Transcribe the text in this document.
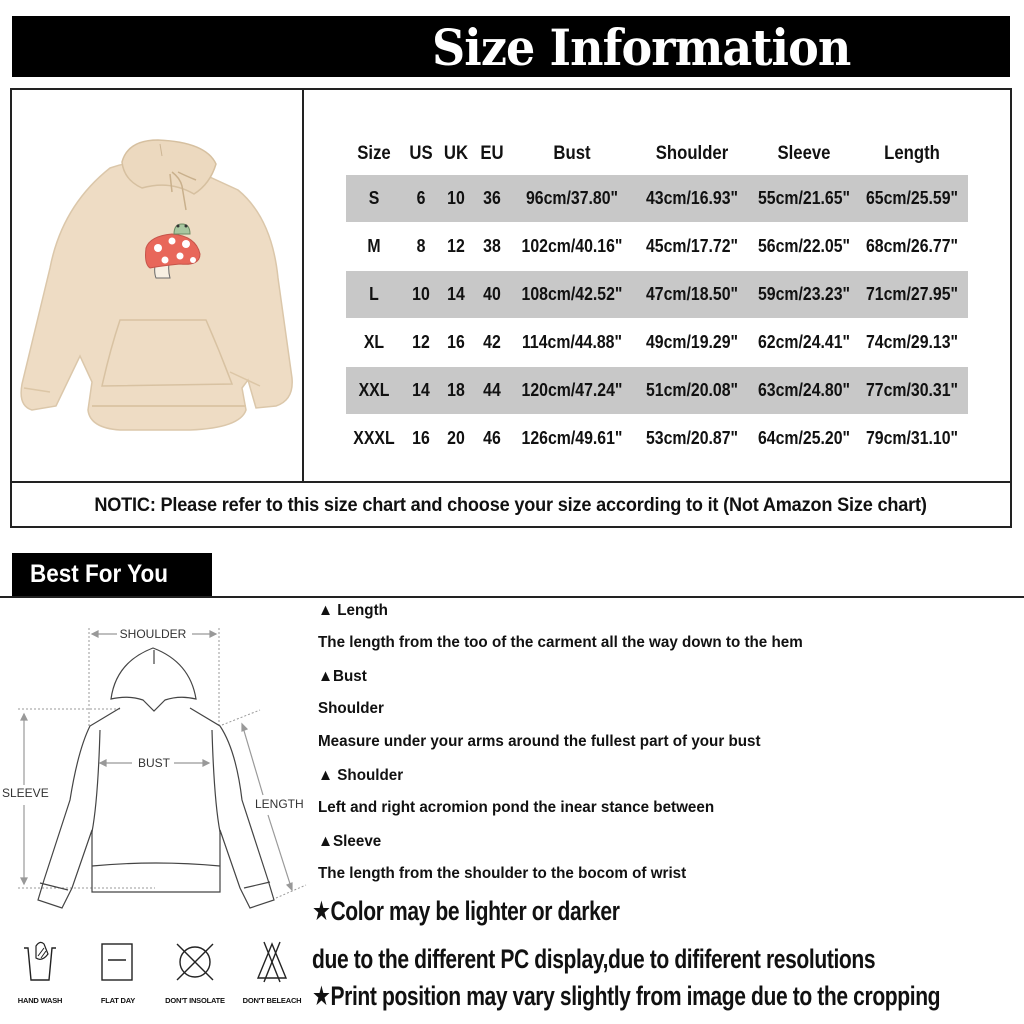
Size Information
Size US UK EU	Bust	Shoulder	Sleeve	Length
S	6	10	36	96cm/37.80"	43cm/16.93"	55cm/21.65" 65cm/25.59"
M	8	12	38	102cm/40.16"	45cm/17.72"	56cm/22.05" 68cm/26.77"
L	10 14	40	108cm/42.52"	47cm/18.50"	59cm/23.23" 71cm/27.95"
XL	12 16	42	114cm/44.88"	49cm/19.29"	62cm/24.41" 74cm/29.13"
XXL	14 18	44	120cm/47.24"	51cm/20.08"	63cm/24.80" 77cm/30.31"
XXXL 16 20	46	126cm/49.61"	53cm/20.87"	64cm/25.20" 79cm/31.10"
NOTIC: Please refer to this size chart and choose your size according to it (Not Amazon Size chart)
Best For You
SHOULDER
BUST
SLEEVE
LENGTH
▲ Length
The length from the too of the carment all the way down to the hem
▲Bust
Shoulder
Measure under your arms around the fullest part of your bust
▲ Shoulder
Left and right acromion pond the inear stance between
▲Sleeve
The length from the shoulder to the bocom of wrist
★Color may be lighter or darker
due to the different PC display,due to dififerent resolutions
★Print position may vary slightly from image due to the cropping
HAND WASH	FLAT DAY	DON'T INSOLATE	DON'T BELEACH
